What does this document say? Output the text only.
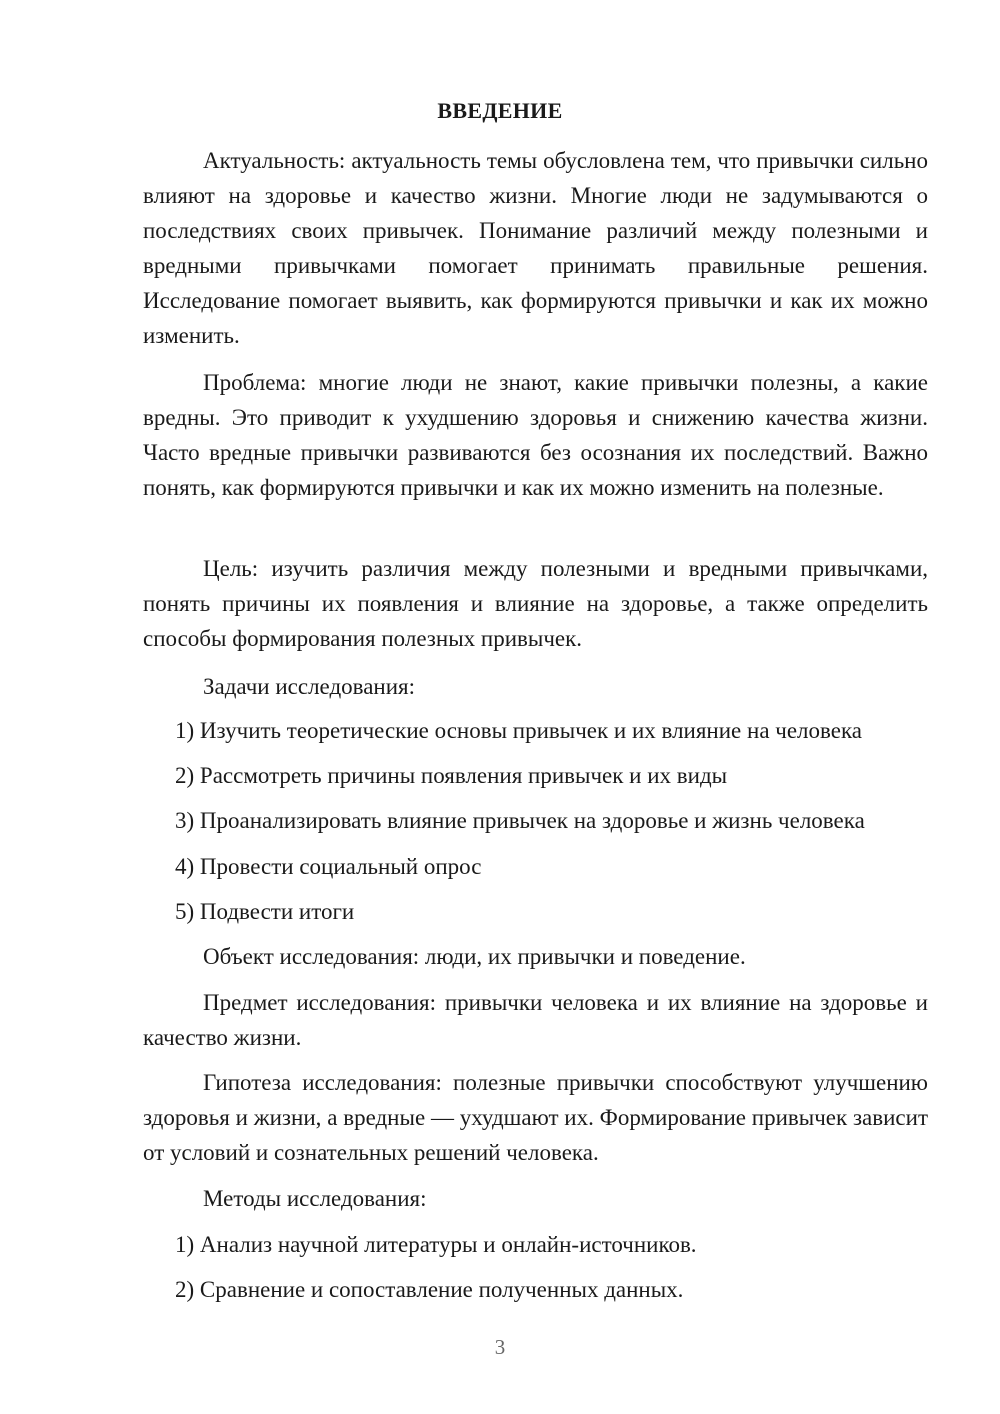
ВВЕДЕНИЕ

Актуальность: актуальность темы обусловлена тем, что привычки сильно влияют на здоровье и качество жизни. Многие люди не задумываются о последствиях своих привычек. Понимание различий между полезными и вредными привычками помогает принимать правильные решения. Исследование помогает выявить, как формируются привычки и как их можно изменить.

Проблема: многие люди не знают, какие привычки полезны, а какие вредны. Это приводит к ухудшению здоровья и снижению качества жизни. Часто вредные привычки развиваются без осознания их последствий. Важно понять, как формируются привычки и как их можно изменить на полезные.

Цель: изучить различия между полезными и вредными привычками, понять причины их появления и влияние на здоровье, а также определить способы формирования полезных привычек.

Задачи исследования:
1) Изучить теоретические основы привычек и их влияние на человека
2) Рассмотреть причины появления привычек и их виды
3) Проанализировать влияние привычек на здоровье и жизнь человека
4) Провести социальный опрос
5) Подвести итоги
Объект исследования: люди, их привычки и поведение.

Предмет исследования: привычки человека и их влияние на здоровье и качество жизни.

Гипотеза исследования: полезные привычки способствуют улучшению здоровья и жизни, а вредные — ухудшают их. Формирование привычек зависит от условий и сознательных решений человека.

Методы исследования:
1) Анализ научной литературы и онлайн-источников.
2) Сравнение и сопоставление полученных данных.
3
